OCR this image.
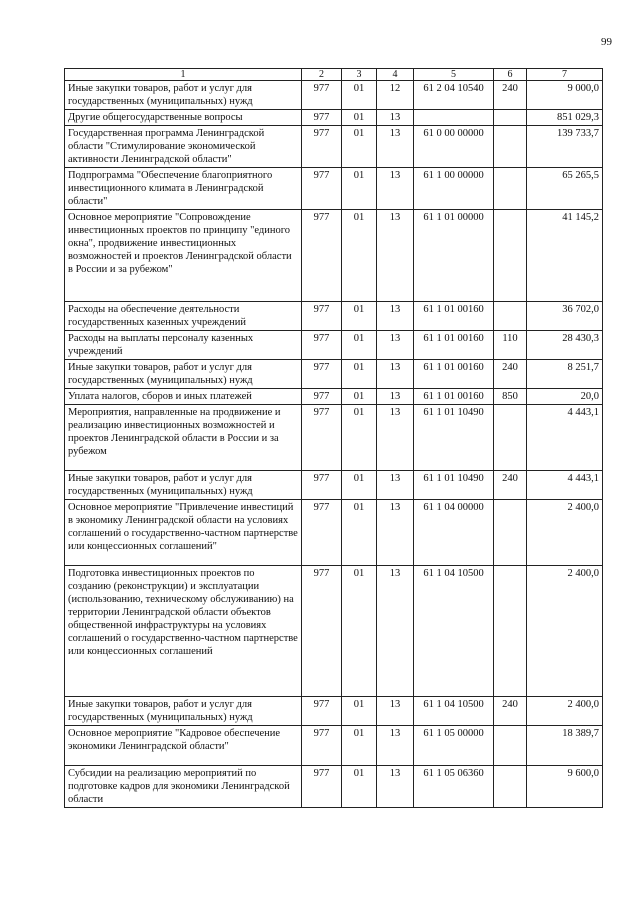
99
1	2	3	4	5	6	7
Иные закупки товаров, работ и услуг для государственных (муниципальных) нужд	977	01	12	61 2 04 10540	240	9 000,0
Другие общегосударственные вопросы	977	01	13			851 029,3
Государственная программа Ленинградской области "Стимулирование экономической активности Ленинградской области"	977	01	13	61 0 00 00000		139 733,7
Подпрограмма "Обеспечение благоприятного инвестиционного климата в Ленинградской области"	977	01	13	61 1 00 00000		65 265,5
Основное мероприятие "Сопровождение инвестиционных проектов по принципу "единого окна", продвижение инвестиционных возможностей и проектов Ленинградской области в России и за рубежом"	977	01	13	61 1 01 00000		41 145,2
Расходы на обеспечение деятельности государственных казенных учреждений	977	01	13	61 1 01 00160		36 702,0
Расходы на выплаты персоналу казенных учреждений	977	01	13	61 1 01 00160	110	28 430,3
Иные закупки товаров, работ и услуг для государственных (муниципальных) нужд	977	01	13	61 1 01 00160	240	8 251,7
Уплата налогов, сборов и иных платежей	977	01	13	61 1 01 00160	850	20,0
Мероприятия, направленные на продвижение и реализацию инвестиционных возможностей и проектов Ленинградской области в России и за рубежом	977	01	13	61 1 01 10490		4 443,1
Иные закупки товаров, работ и услуг для государственных (муниципальных) нужд	977	01	13	61 1 01 10490	240	4 443,1
Основное мероприятие "Привлечение инвестиций в экономику Ленинградской области на условиях соглашений о государственно-частном партнерстве или концессионных соглашений"	977	01	13	61 1 04 00000		2 400,0
Подготовка инвестиционных проектов по созданию (реконструкции) и эксплуатации (использованию, техническому обслуживанию) на территории Ленинградской области объектов общественной инфраструктуры на условиях соглашений о государственно-частном партнерстве или концессионных соглашений	977	01	13	61 1 04 10500		2 400,0
Иные закупки товаров, работ и услуг для государственных (муниципальных) нужд	977	01	13	61 1 04 10500	240	2 400,0
Основное мероприятие "Кадровое обеспечение экономики Ленинградской области"	977	01	13	61 1 05 00000		18 389,7
Субсидии на реализацию мероприятий по подготовке кадров для экономики Ленинградской области	977	01	13	61 1 05 06360		9 600,0
